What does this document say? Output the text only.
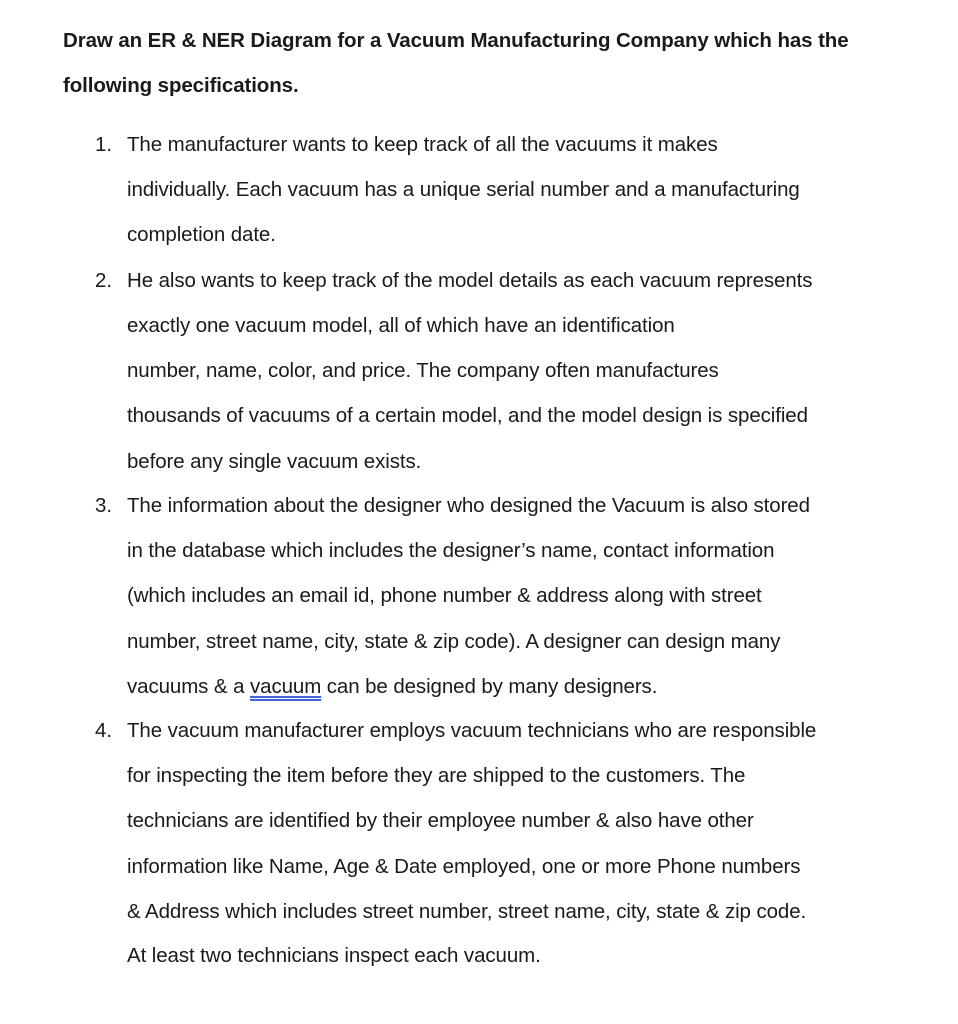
Draw an ER & NER Diagram for a Vacuum Manufacturing Company which has the
following specifications.
1. The manufacturer wants to keep track of all the vacuums it makes
individually. Each vacuum has a unique serial number and a manufacturing
completion date.
2. He also wants to keep track of the model details as each vacuum represents
exactly one vacuum model, all of which have an identification
number, name, color, and price. The company often manufactures
thousands of vacuums of a certain model, and the model design is specified
before any single vacuum exists.
3. The information about the designer who designed the Vacuum is also stored
in the database which includes the designer’s name, contact information
(which includes an email id, phone number & address along with street
number, street name, city, state & zip code). A designer can design many
vacuums & a vacuum can be designed by many designers.
4. The vacuum manufacturer employs vacuum technicians who are responsible
for inspecting the item before they are shipped to the customers. The
technicians are identified by their employee number & also have other
information like Name, Age & Date employed, one or more Phone numbers
& Address which includes street number, street name, city, state & zip code.
At least two technicians inspect each vacuum.
